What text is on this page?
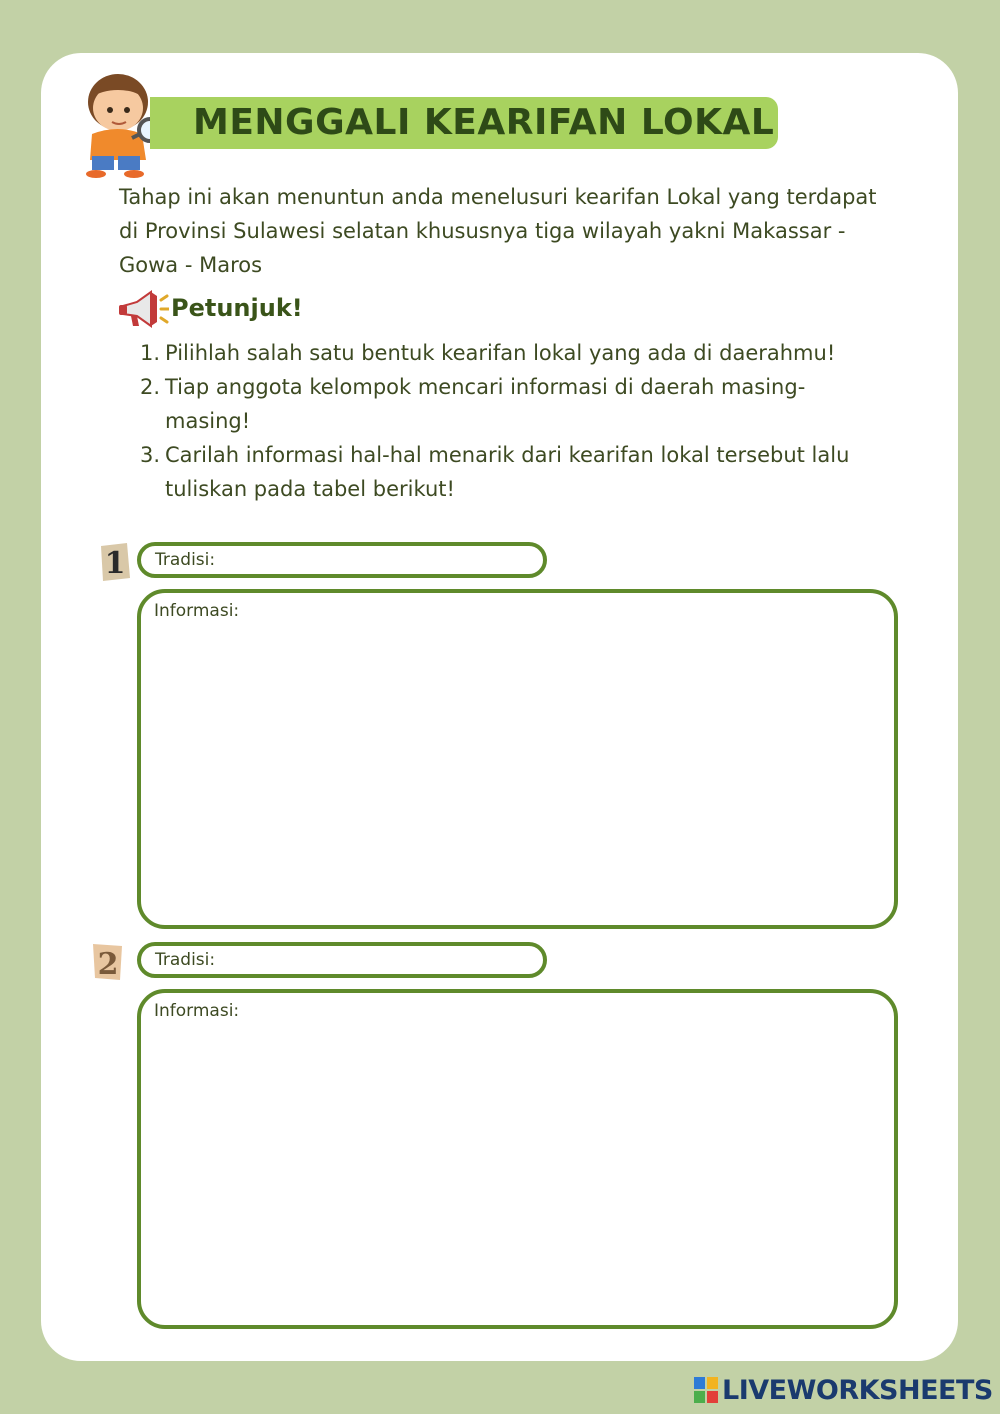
MENGGALI KEARIFAN LOKAL
Tahap ini akan menuntun anda menelusuri kearifan Lokal yang terdapat di Provinsi Sulawesi selatan khususnya tiga wilayah yakni Makassar - Gowa - Maros
Petunjuk!
1. Pilihlah salah satu bentuk kearifan lokal yang ada di daerahmu!
2. Tiap anggota kelompok mencari informasi di daerah masing-masing!
3. Carilah informasi hal-hal menarik dari kearifan lokal tersebut lalu tuliskan pada tabel berikut!
1 Tradisi:
Informasi:
2 Tradisi:
Informasi:
LIVEWORKSHEETS
